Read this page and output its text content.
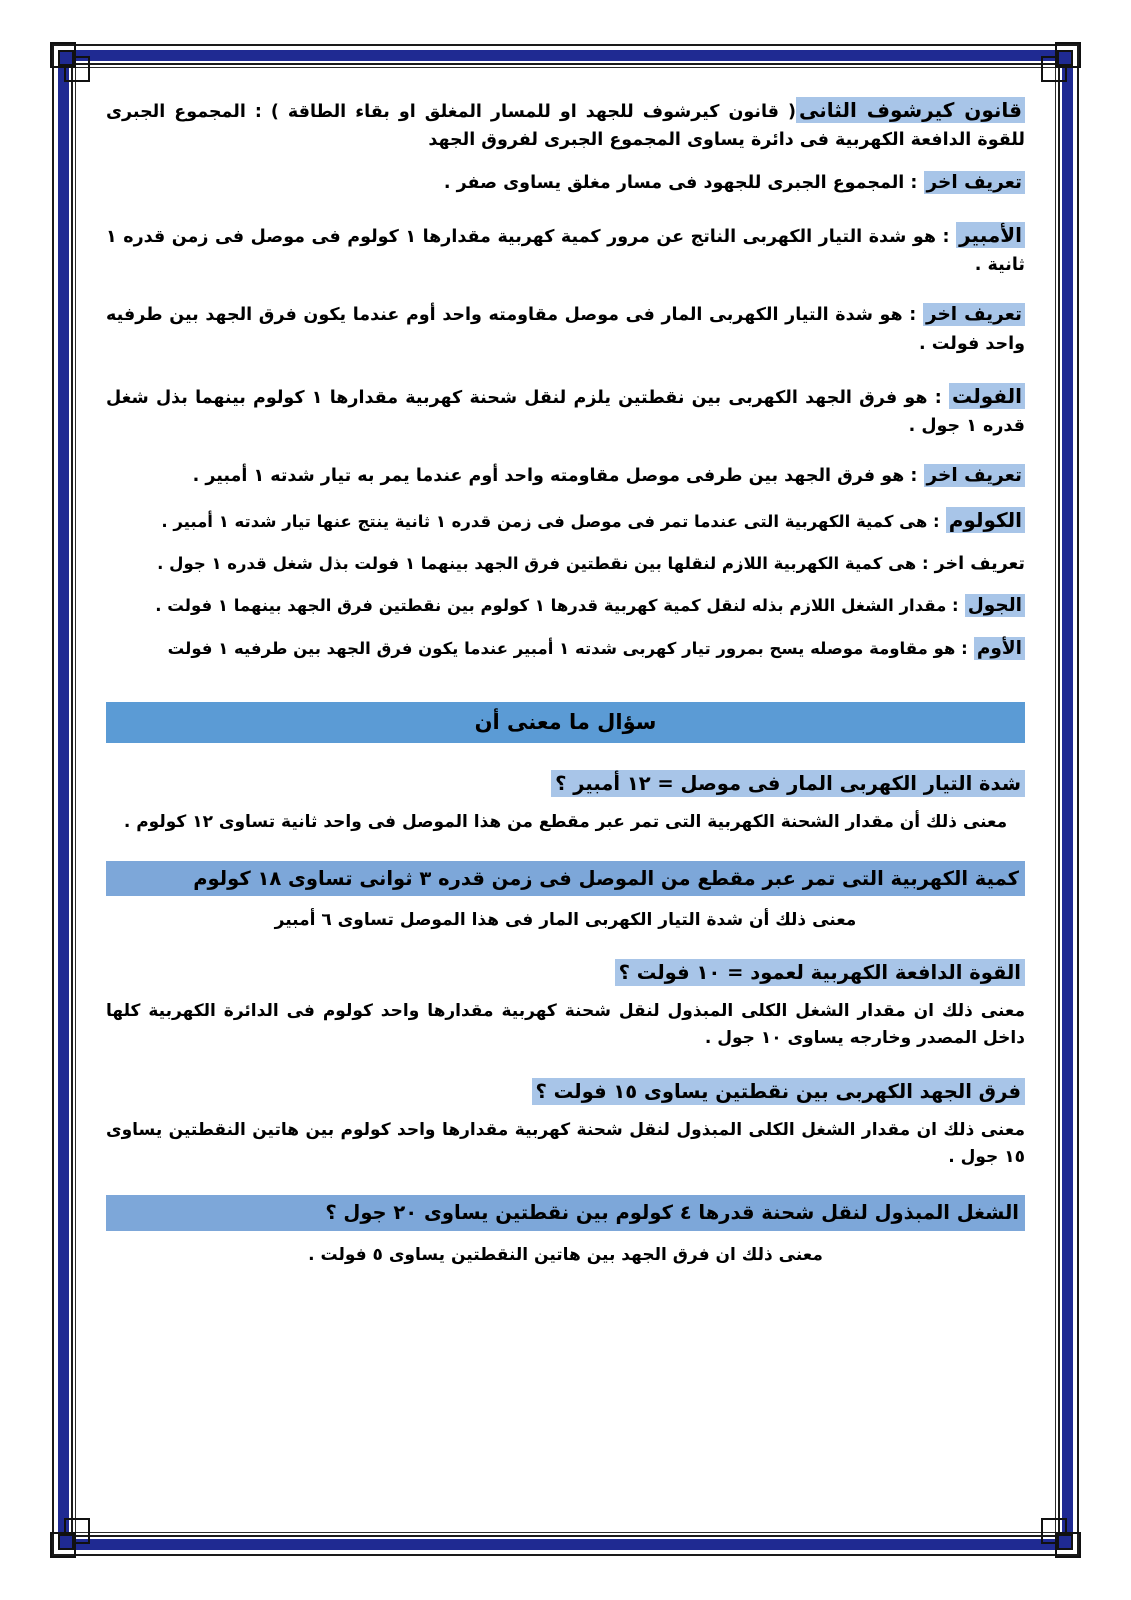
قانون كيرشوف الثانى( قانون كيرشوف للجهد او للمسار المغلق او بقاء الطاقة ) : المجموع الجبرى للقوة الدافعة الكهربية فى دائرة يساوى المجموع الجبرى لفروق الجهد

تعريف اخر : المجموع الجبرى للجهود فى مسار مغلق يساوى صفر .

الأمبير : هو شدة التيار الكهربى الناتج عن مرور كمية كهربية مقدارها ١ كولوم فى موصل فى زمن قدره ١ ثانية .

تعريف اخر : هو شدة التيار الكهربى المار فى موصل مقاومته واحد أوم عندما يكون فرق الجهد بين طرفيه واحد فولت .

الفولت : هو فرق الجهد الكهربى بين نقطتين يلزم لنقل شحنة كهربية مقدارها ١ كولوم بينهما بذل شغل قدره ١ جول .

تعريف اخر : هو فرق الجهد بين طرفى موصل مقاومته واحد أوم عندما يمر به تيار شدته ١ أمبير .

الكولوم : هى كمية الكهربية التى عندما تمر فى موصل فى زمن قدره ١ ثانية ينتج عنها تيار شدته ١ أمبير .

تعريف اخر : هى كمية الكهربية اللازم لنقلها بين نقطتين فرق الجهد بينهما ١ فولت بذل شغل قدره ١ جول .

الجول : مقدار الشغل اللازم بذله لنقل كمية كهربية قدرها ١ كولوم بين نقطتين فرق الجهد بينهما ١ فولت .

الأوم : هو مقاومة موصله يسح بمرور تيار كهربى شدته ١ أمبير عندما يكون فرق الجهد بين طرفيه ١ فولت

سؤال ما معنى أن
شدة التيار الكهربى المار فى موصل = ١٢ أمبير ؟

معنى ذلك أن مقدار الشحنة الكهربية التى تمر عبر مقطع من هذا الموصل فى واحد ثانية تساوى ١٢ كولوم .

كمية الكهربية التى تمر عبر مقطع من الموصل فى زمن قدره ٣ ثوانى تساوى ١٨ كولوم

معنى ذلك أن شدة التيار الكهربى المار فى هذا الموصل تساوى ٦ أمبير

القوة الدافعة الكهربية لعمود = ١٠ فولت ؟

معنى ذلك ان مقدار الشغل الكلى المبذول لنقل شحنة كهربية مقدارها واحد كولوم فى الدائرة الكهربية كلها داخل المصدر وخارجه يساوى ١٠ جول .

فرق الجهد الكهربى بين نقطتين يساوى ١٥ فولت ؟

معنى ذلك ان مقدار الشغل الكلى المبذول لنقل شحنة كهربية مقدارها واحد كولوم بين هاتين النقطتين يساوى ١٥ جول .

الشغل المبذول لنقل شحنة قدرها ٤ كولوم بين نقطتين يساوى ٢٠ جول ؟

معنى ذلك ان فرق الجهد بين هاتين النقطتين يساوى ٥ فولت .
